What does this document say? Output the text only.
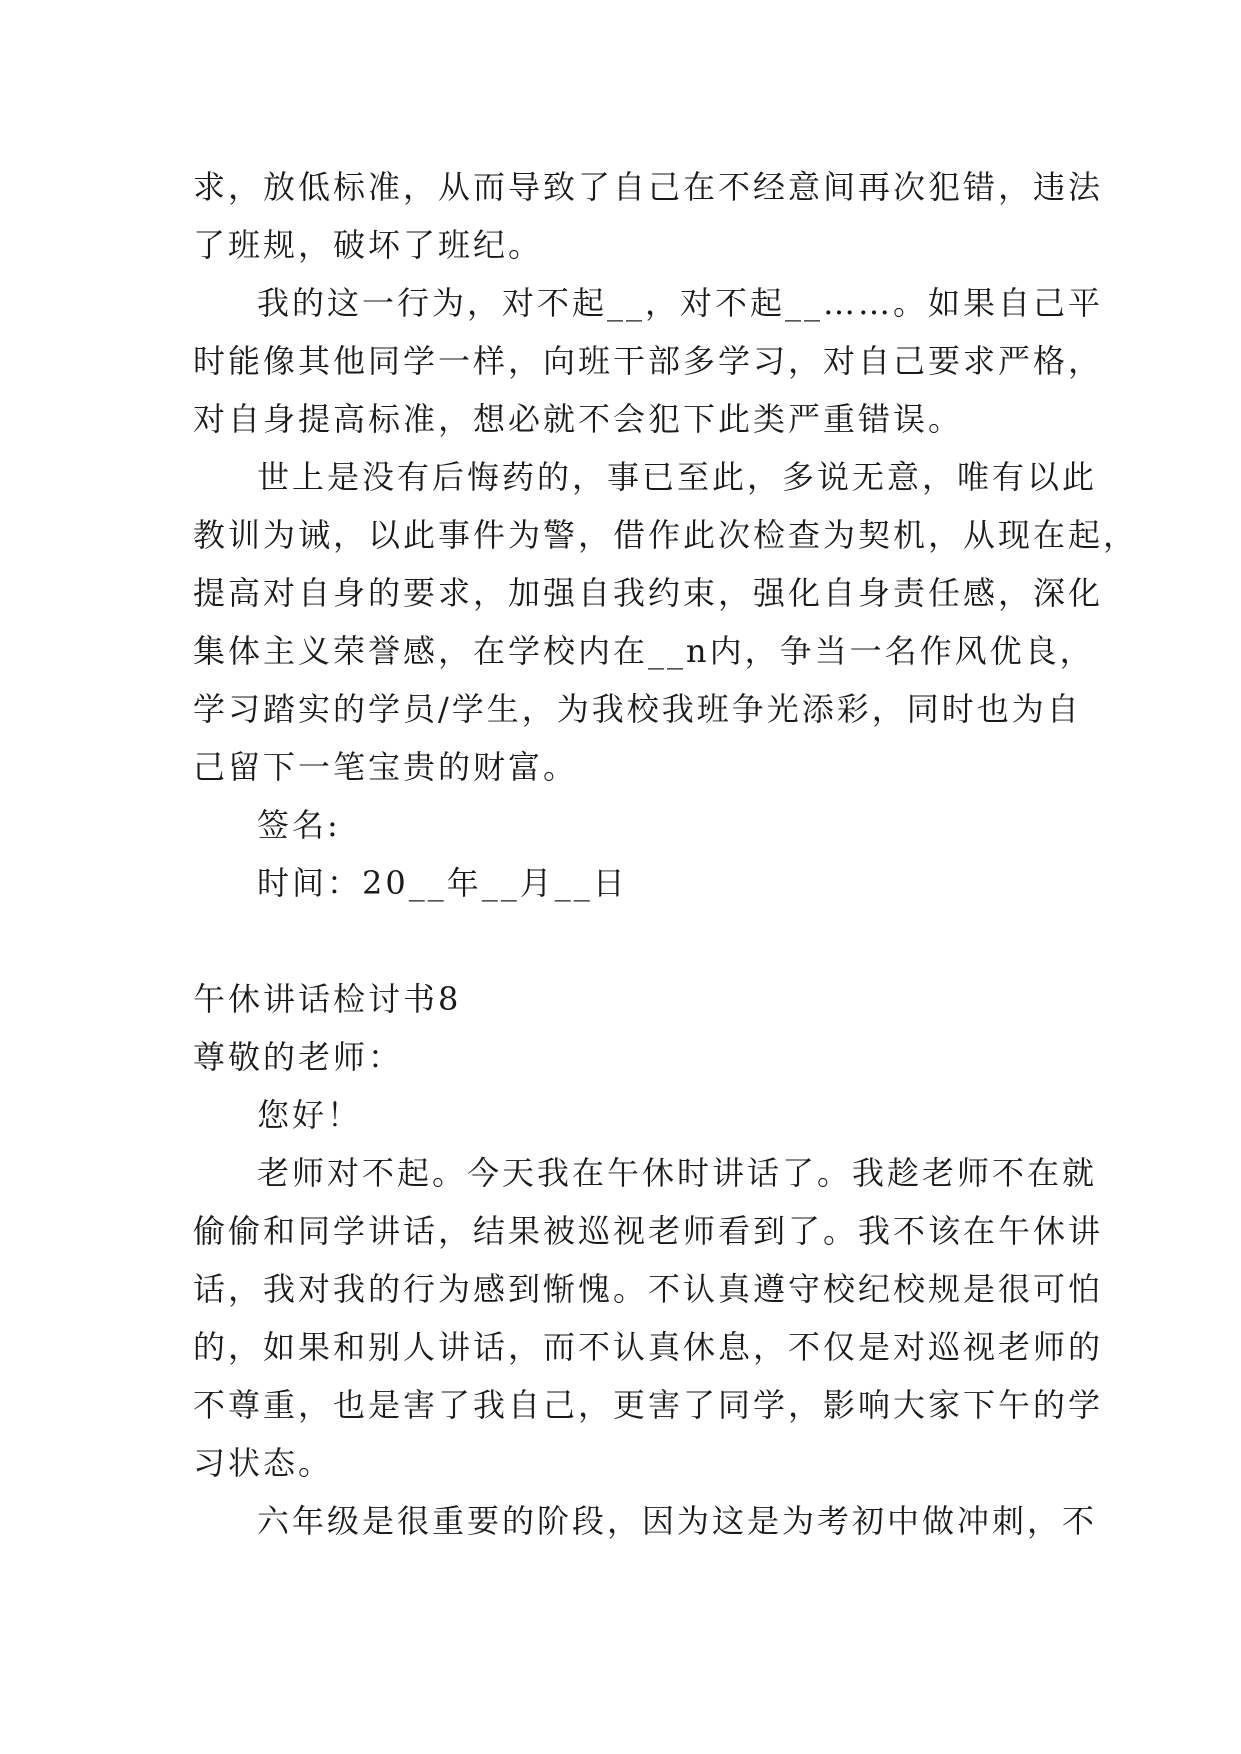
求，放低标准，从而导致了自己在不经意间再次犯错，违法
了班规，破坏了班纪。
我的这一行为，对不起__，对不起__……。如果自己平
时能像其他同学一样，向班干部多学习，对自己要求严格，
对自身提高标准，想必就不会犯下此类严重错误。
世上是没有后悔药的，事已至此，多说无意，唯有以此
教训为诫，以此事件为警，借作此次检查为契机，从现在起，
提高对自身的要求，加强自我约束，强化自身责任感，深化
集体主义荣誉感，在学校内在__n内，争当一名作风优良，
学习踏实的学员/学生，为我校我班争光添彩，同时也为自
己留下一笔宝贵的财富。
签名:
时间：20__年__月__日
午休讲话检讨书8
尊敬的老师：
您好！
老师对不起。今天我在午休时讲话了。我趁老师不在就
偷偷和同学讲话，结果被巡视老师看到了。我不该在午休讲
话，我对我的行为感到惭愧。不认真遵守校纪校规是很可怕
的，如果和别人讲话，而不认真休息，不仅是对巡视老师的
不尊重，也是害了我自己，更害了同学，影响大家下午的学
习状态。
六年级是很重要的阶段，因为这是为考初中做冲刺，不
